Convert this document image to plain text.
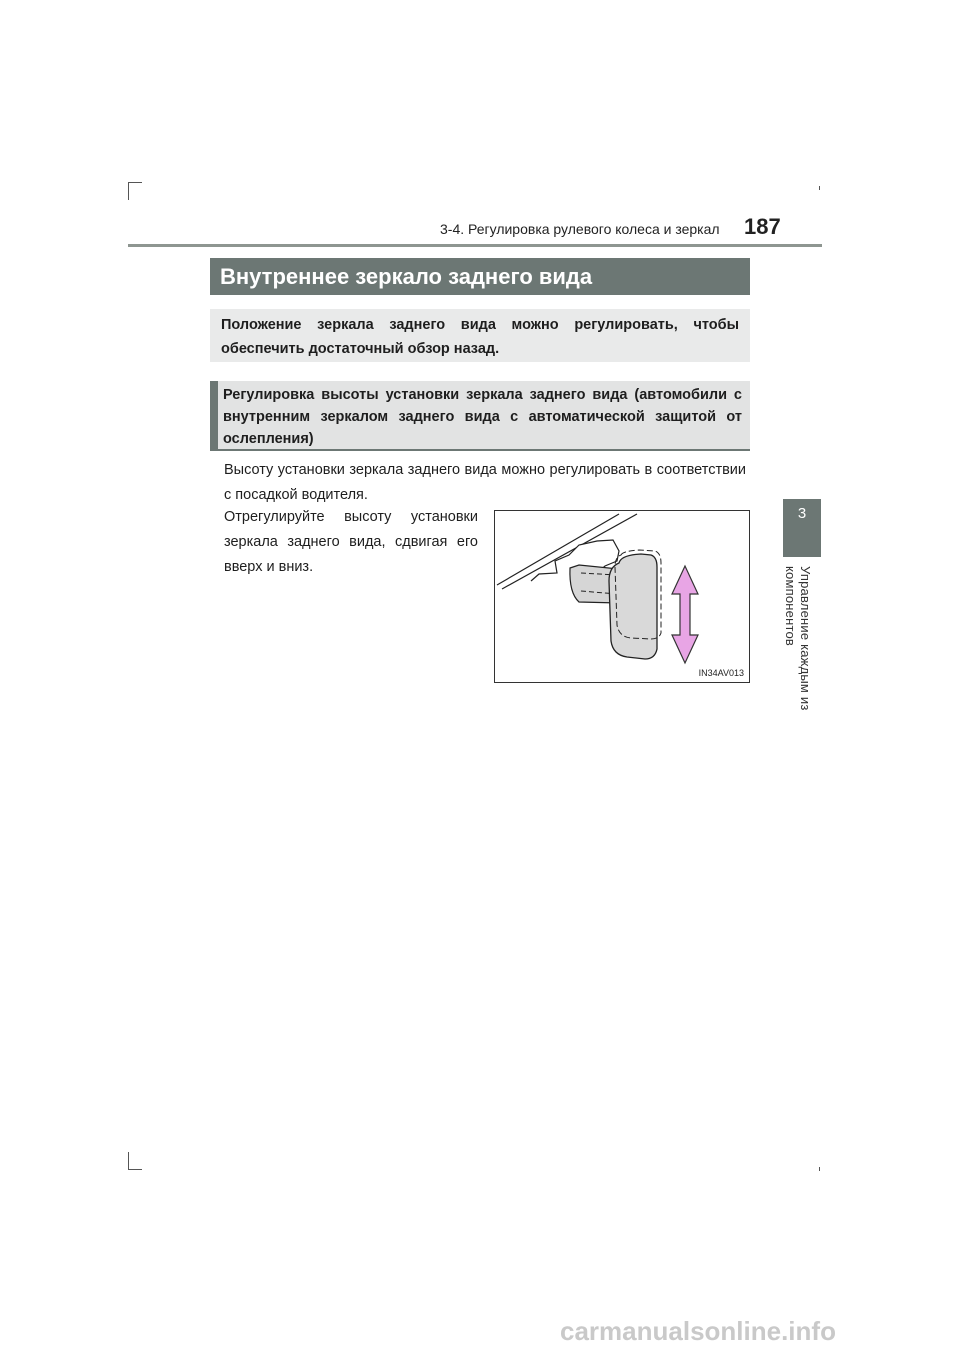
3-4. Регулировка рулевого колеса и зеркал 187
3
Управление каждым из компонентов
Внутреннее зеркало заднего вида
Положение зеркала заднего вида можно регулировать, чтобы обеспечить достаточный обзор назад.
Регулировка высоты установки зеркала заднего вида (автомобили с внутренним зеркалом заднего вида с автоматической защитой от ослепления)
Высоту установки зеркала заднего вида можно регулировать в соответствии с посадкой водителя.
Отрегулируйте высоту установки зеркала заднего вида, сдвигая его вверх и вниз.
IN34AV013
carmanualsonline.info
